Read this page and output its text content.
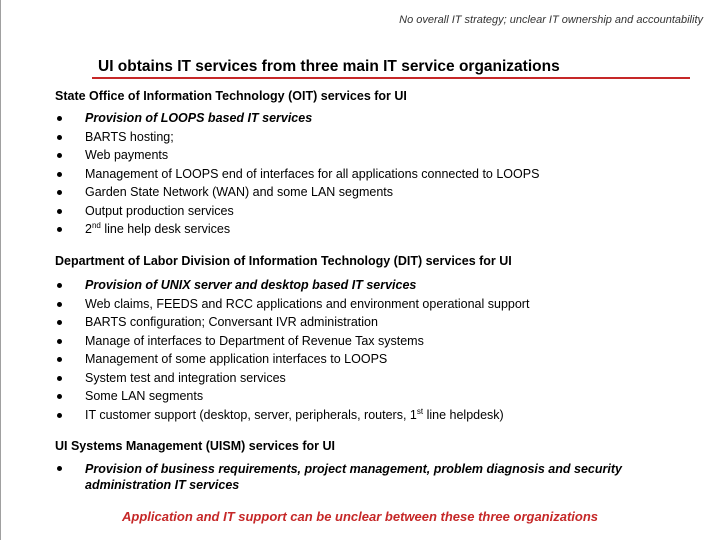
No overall IT strategy; unclear IT ownership and accountability
UI obtains IT services from three main IT service organizations
State Office of Information Technology (OIT) services for UI
Provision of LOOPS based IT services
BARTS hosting;
Web payments
Management of LOOPS end of interfaces for all applications connected to LOOPS
Garden State Network (WAN) and some LAN segments
Output production services
2nd line help desk services
Department of Labor Division of Information Technology (DIT) services for UI
Provision of UNIX server and desktop based IT services
Web claims, FEEDS and RCC applications and environment operational support
BARTS configuration; Conversant IVR administration
Manage of interfaces to Department of Revenue Tax systems
Management of some application interfaces to LOOPS
System test and integration services
Some LAN segments
IT customer support (desktop, server, peripherals, routers, 1st line helpdesk)
UI Systems Management (UISM) services for UI
Provision of business requirements, project management, problem diagnosis and security administration IT services
Application and IT support can be unclear between these three organizations
